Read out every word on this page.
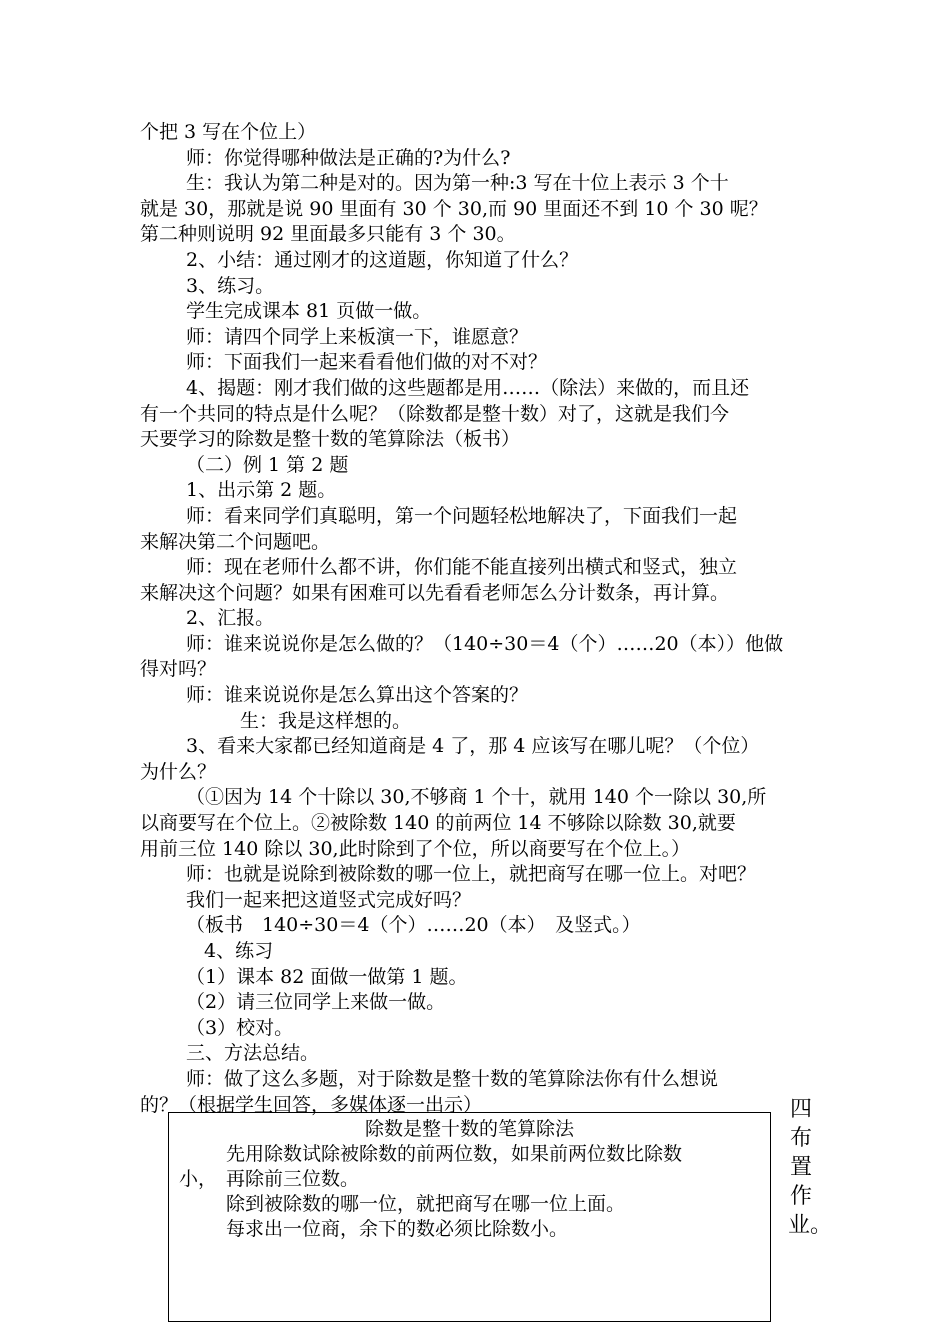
个把 3 写在个位上）
师：你觉得哪种做法是正确的?为什么?
生：我认为第二种是对的。因为第一种:3 写在十位上表示 3 个十
就是 30，那就是说 90 里面有 30 个 30,而 90 里面还不到 10 个 30 呢？
第二种则说明 92 里面最多只能有 3 个 30。
2、小结：通过刚才的这道题，你知道了什么？
3、练习。
学生完成课本 81 页做一做。
师：请四个同学上来板演一下，谁愿意？
师：下面我们一起来看看他们做的对不对？
4、揭题：刚才我们做的这些题都是用……（除法）来做的，而且还
有一个共同的特点是什么呢？（除数都是整十数）对了，这就是我们今
天要学习的除数是整十数的笔算除法（板书）
（二）例 1 第 2 题
1、出示第 2 题。
师：看来同学们真聪明，第一个问题轻松地解决了，下面我们一起
来解决第二个问题吧。
师：现在老师什么都不讲，你们能不能直接列出横式和竖式，独立
来解决这个问题？如果有困难可以先看看老师怎么分计数条，再计算。
2、汇报。
师：谁来说说你是怎么做的？（140÷30＝4（个）……20（本））他做
得对吗？
师：谁来说说你是怎么算出这个答案的？
生：我是这样想的。
3、看来大家都已经知道商是 4 了，那 4 应该写在哪儿呢？（个位）
为什么？
（①因为 14 个十除以 30,不够商 1 个十，就用 140 个一除以 30,所
以商要写在个位上。②被除数 140 的前两位 14 不够除以除数 30,就要
用前三位 140 除以 30,此时除到了个位，所以商要写在个位上。）
师：也就是说除到被除数的哪一位上，就把商写在哪一位上。对吧？
我们一起来把这道竖式完成好吗？
（板书　140÷30＝4（个）……20（本）　及竖式。）
4、练习
（1）课本 82 面做一做第 1 题。
（2）请三位同学上来做一做。
（3）校对。
三、方法总结。
师：做了这么多题，对于除数是整十数的笔算除法你有什么想说
的？（根据学生回答，多媒体逐一出示）
除数是整十数的笔算除法
先用除数试除被除数的前两位数，如果前两位数比除数
小， 再除前三位数。
除到被除数的哪一位，就把商写在哪一位上面。
每求出一位商，余下的数必须比除数小。
四
布
置
作
业。
